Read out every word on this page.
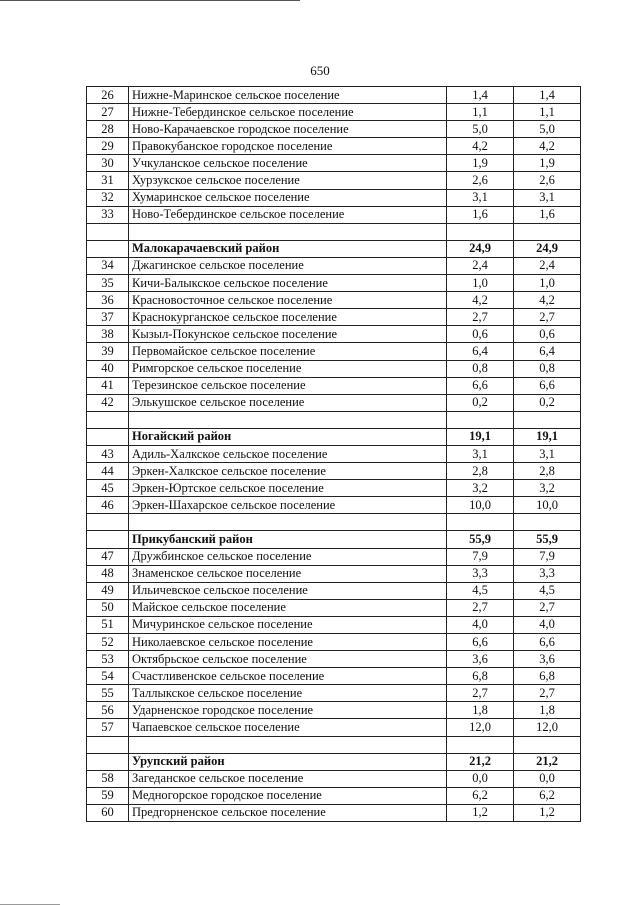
650
26	Нижне-Маринское сельское поселение	1,4	1,4
27	Нижне-Тебердинское сельское поселение	1,1	1,1
28	Ново-Карачаевское городское поселение	5,0	5,0
29	Правокубанское городское поселение	4,2	4,2
30	Учкуланское сельское поселение	1,9	1,9
31	Хурзукское сельское поселение	2,6	2,6
32	Хумаринское сельское поселение	3,1	3,1
33	Ново-Тебердинское сельское поселение	1,6	1,6

	Малокарачаевский район	24,9	24,9
34	Джагинское сельское поселение	2,4	2,4
35	Кичи-Балыкское сельское поселение	1,0	1,0
36	Красновосточное сельское поселение	4,2	4,2
37	Краснокурганское сельское поселение	2,7	2,7
38	Кызыл-Покунское сельское поселение	0,6	0,6
39	Первомайское сельское поселение	6,4	6,4
40	Римгорское сельское поселение	0,8	0,8
41	Терезинское сельское поселение	6,6	6,6
42	Элькушское сельское поселение	0,2	0,2

	Ногайский район	19,1	19,1
43	Адиль-Халкское сельское поселение	3,1	3,1
44	Эркен-Халкское сельское поселение	2,8	2,8
45	Эркен-Юртское сельское поселение	3,2	3,2
46	Эркен-Шахарское сельское поселение	10,0	10,0

	Прикубанский район	55,9	55,9
47	Дружбинское сельское поселение	7,9	7,9
48	Знаменское сельское поселение	3,3	3,3
49	Ильичевское сельское поселение	4,5	4,5
50	Майское сельское поселение	2,7	2,7
51	Мичуринское сельское поселение	4,0	4,0
52	Николаевское сельское поселение	6,6	6,6
53	Октябрьское сельское поселение	3,6	3,6
54	Счастливенское сельское поселение	6,8	6,8
55	Таллыкское сельское поселение	2,7	2,7
56	Ударненское городское поселение	1,8	1,8
57	Чапаевское сельское поселение	12,0	12,0

	Урупский район	21,2	21,2
58	Загеданское сельское поселение	0,0	0,0
59	Медногорское городское поселение	6,2	6,2
60	Предгорненское сельское поселение	1,2	1,2
